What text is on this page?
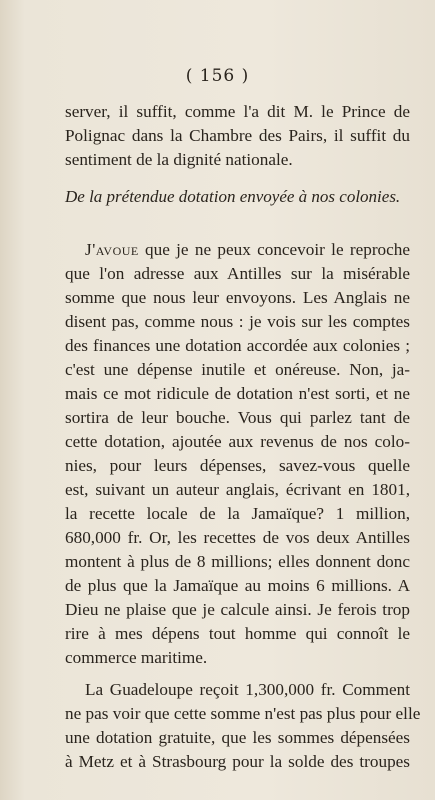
( 156 )
server, il suffit, comme l'a dit M. le Prince de
Polignac dans la Chambre des Pairs, il suffit du
sentiment de la dignité nationale.
De la prétendue dotation envoyée à nos colonies.
J'avoue que je ne peux concevoir le reproche
que l'on adresse aux Antilles sur la misérable
somme que nous leur envoyons. Les Anglais ne
disent pas, comme nous : je vois sur les comptes
des finances une dotation accordée aux colonies ;
c'est une dépense inutile et onéreuse. Non, ja-
mais ce mot ridicule de dotation n'est sorti, et ne
sortira de leur bouche. Vous qui parlez tant de
cette dotation, ajoutée aux revenus de nos colo-
nies, pour leurs dépenses, savez-vous quelle
est, suivant un auteur anglais, écrivant en 1801,
la recette locale de la Jamaïque? 1 million,
680,000 fr. Or, les recettes de vos deux Antilles
montent à plus de 8 millions; elles donnent donc
de plus que la Jamaïque au moins 6 millions. A
Dieu ne plaise que je calcule ainsi. Je ferois trop
rire à mes dépens tout homme qui connoît le
commerce maritime.
La Guadeloupe reçoit 1,300,000 fr. Comment
ne pas voir que cette somme n'est pas plus pour elle
une dotation gratuite, que les sommes dépensées
à Metz et à Strasbourg pour la solde des troupes
